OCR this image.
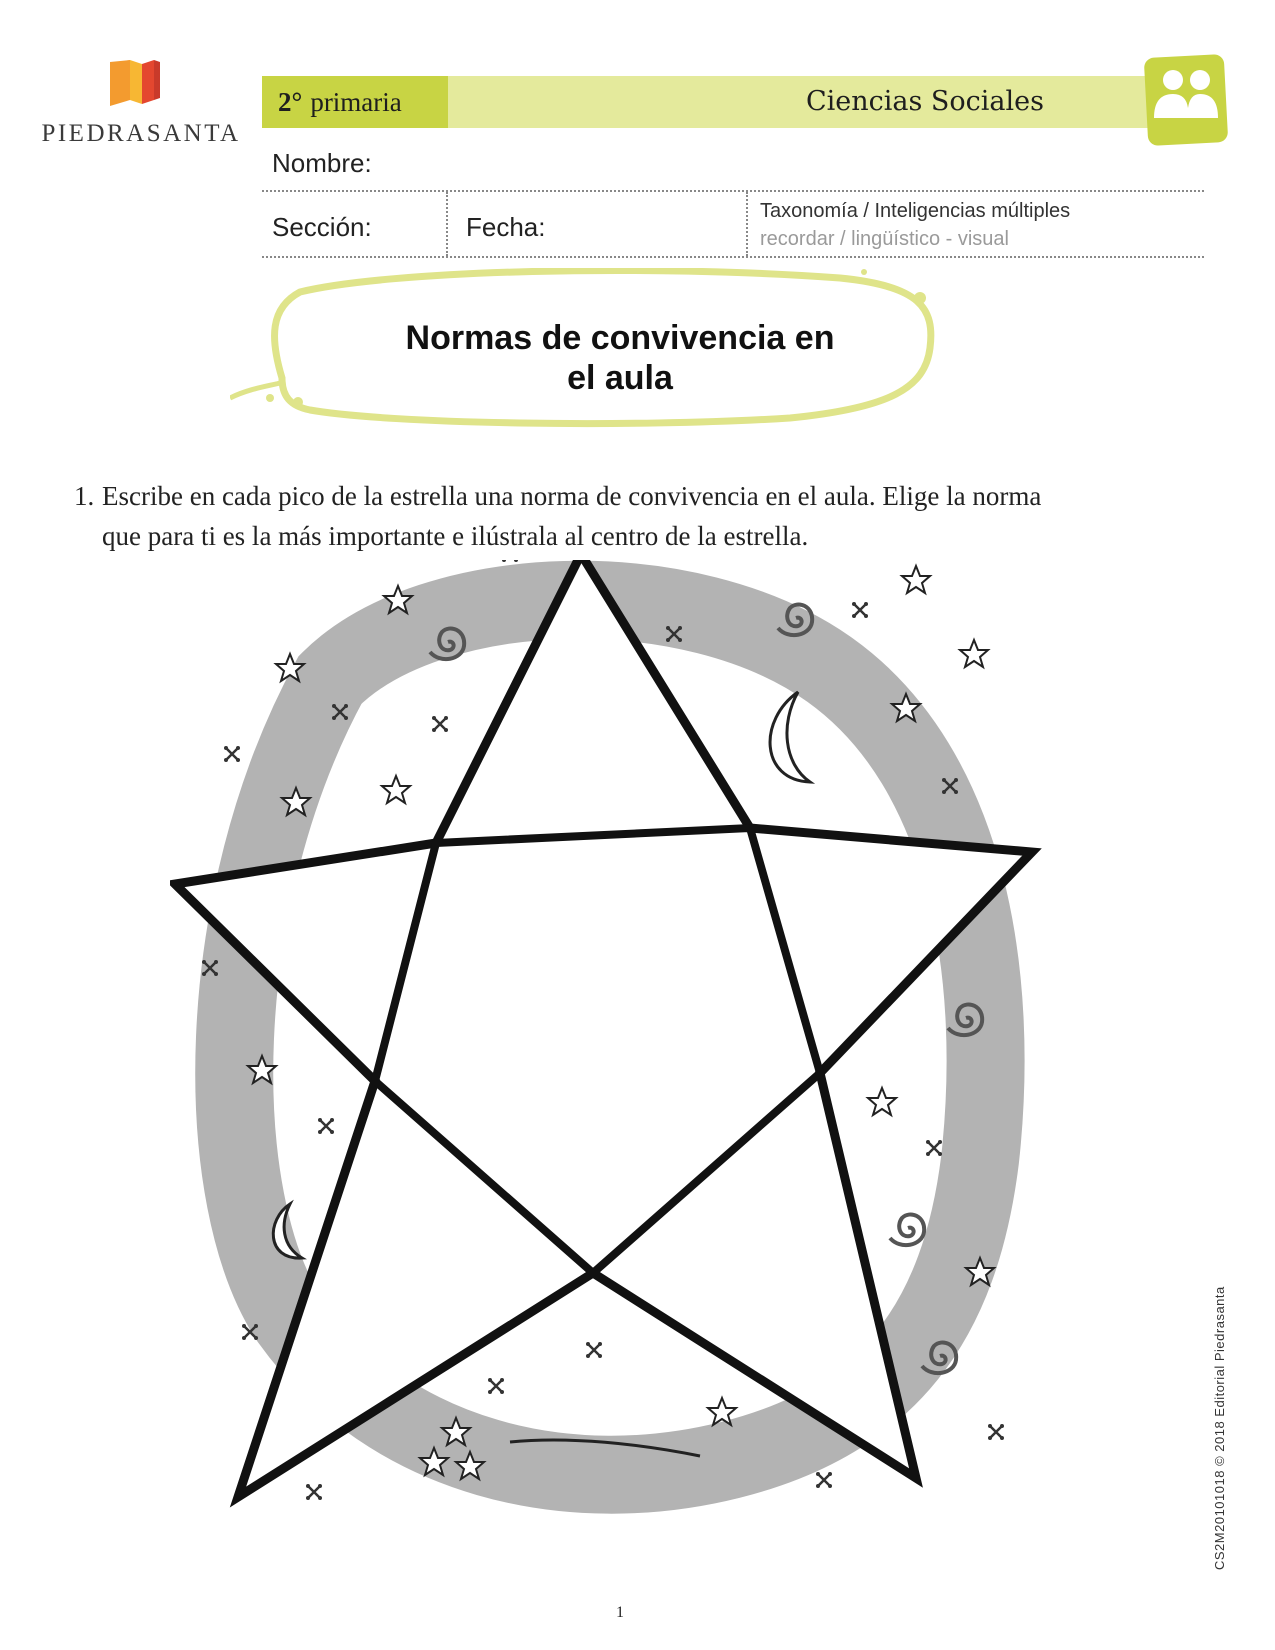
PIEDRASANTA
2° primaria	Ciencias Sociales
Nombre:
Sección:	Fecha:
Taxonomía / Inteligencias múltiples
recordar / lingüístico - visual
Normas de convivencia en
el aula
1. Escribe en cada pico de la estrella una norma de convivencia en el aula. Elige la norma
que para ti es la más importante e ilústrala al centro de la estrella.
1
CS2M20101018 © 2018 Editorial Piedrasanta
